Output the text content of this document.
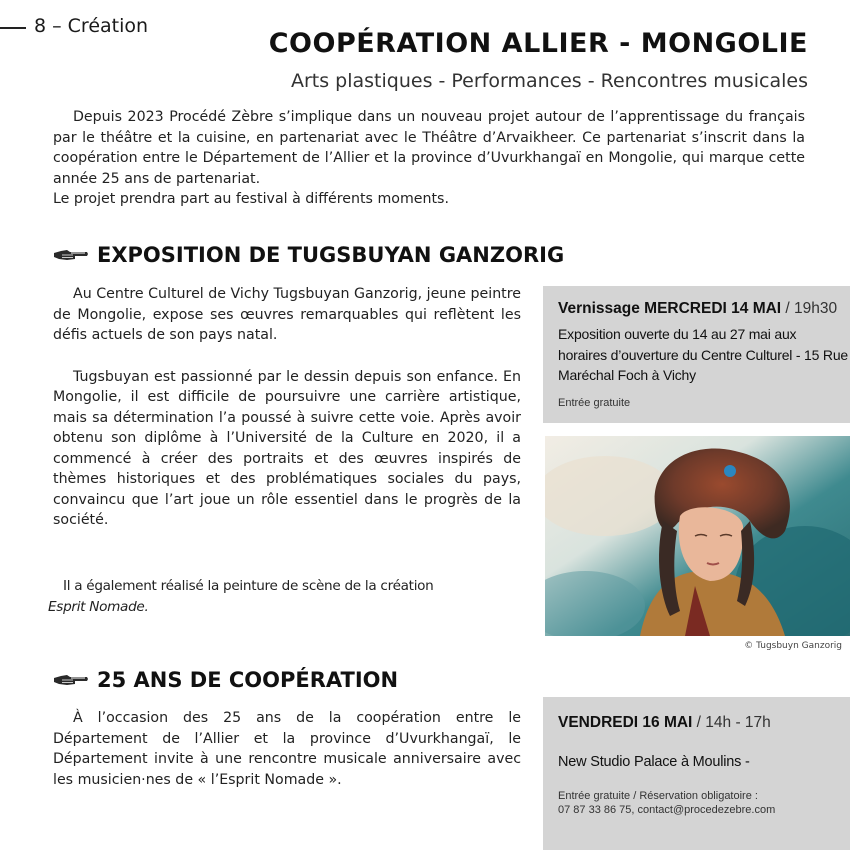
8 – Création
COOPÉRATION ALLIER - MONGOLIE
Arts plastiques - Performances - Rencontres musicales

Depuis 2023 Procédé Zèbre s’implique dans un nouveau projet autour de l’apprentissage du français par le théâtre et la cuisine, en partenariat avec le Théâtre d’Arvaikheer. Ce partenariat s’inscrit dans la coopération entre le Département de l’Allier et la province d’Uvurkhangaï en Mongolie, qui marque cette année 25 ans de partenariat.

Le projet prendra part au festival à différents moments.

EXPOSITION DE TUGSBUYAN GANZORIG

Au Centre Culturel de Vichy Tugsbuyan Ganzorig, jeune peintre de Mongolie, expose ses œuvres remarquables qui reflètent les défis actuels de son pays natal.

Tugsbuyan est passionné par le dessin depuis son enfance. En Mongolie, il est difficile de poursuivre une carrière artistique, mais sa détermination l’a poussé à suivre cette voie. Après avoir obtenu son diplôme à l’Université de la Culture en 2020, il a commencé à créer des portraits et des œuvres inspirés de thèmes historiques et des problématiques sociales du pays, convaincu que l’art joue un rôle essentiel dans le progrès de la société.

Il a également réalisé la peinture de scène de la création
Esprit Nomade.
Vernissage MERCREDI 14 MAI / 19h30
Exposition ouverte du 14 au 27 mai aux horaires d’ouverture du Centre Culturel - 15 Rue Maréchal Foch à Vichy
Entrée gratuite
© Tugsbuyn Ganzorig
25 ANS DE COOPÉRATION

À l’occasion des 25 ans de la coopération entre le Département de l’Allier et la province d’Uvurkhangaï, le Département invite à une rencontre musicale anniversaire avec les musicien·nes de « l’Esprit Nomade ».

VENDREDI 16 MAI / 14h - 17h
New Studio Palace à Moulins -
Entrée gratuite / Réservation obligatoire :
07 87 33 86 75, contact@procedezebre.com
